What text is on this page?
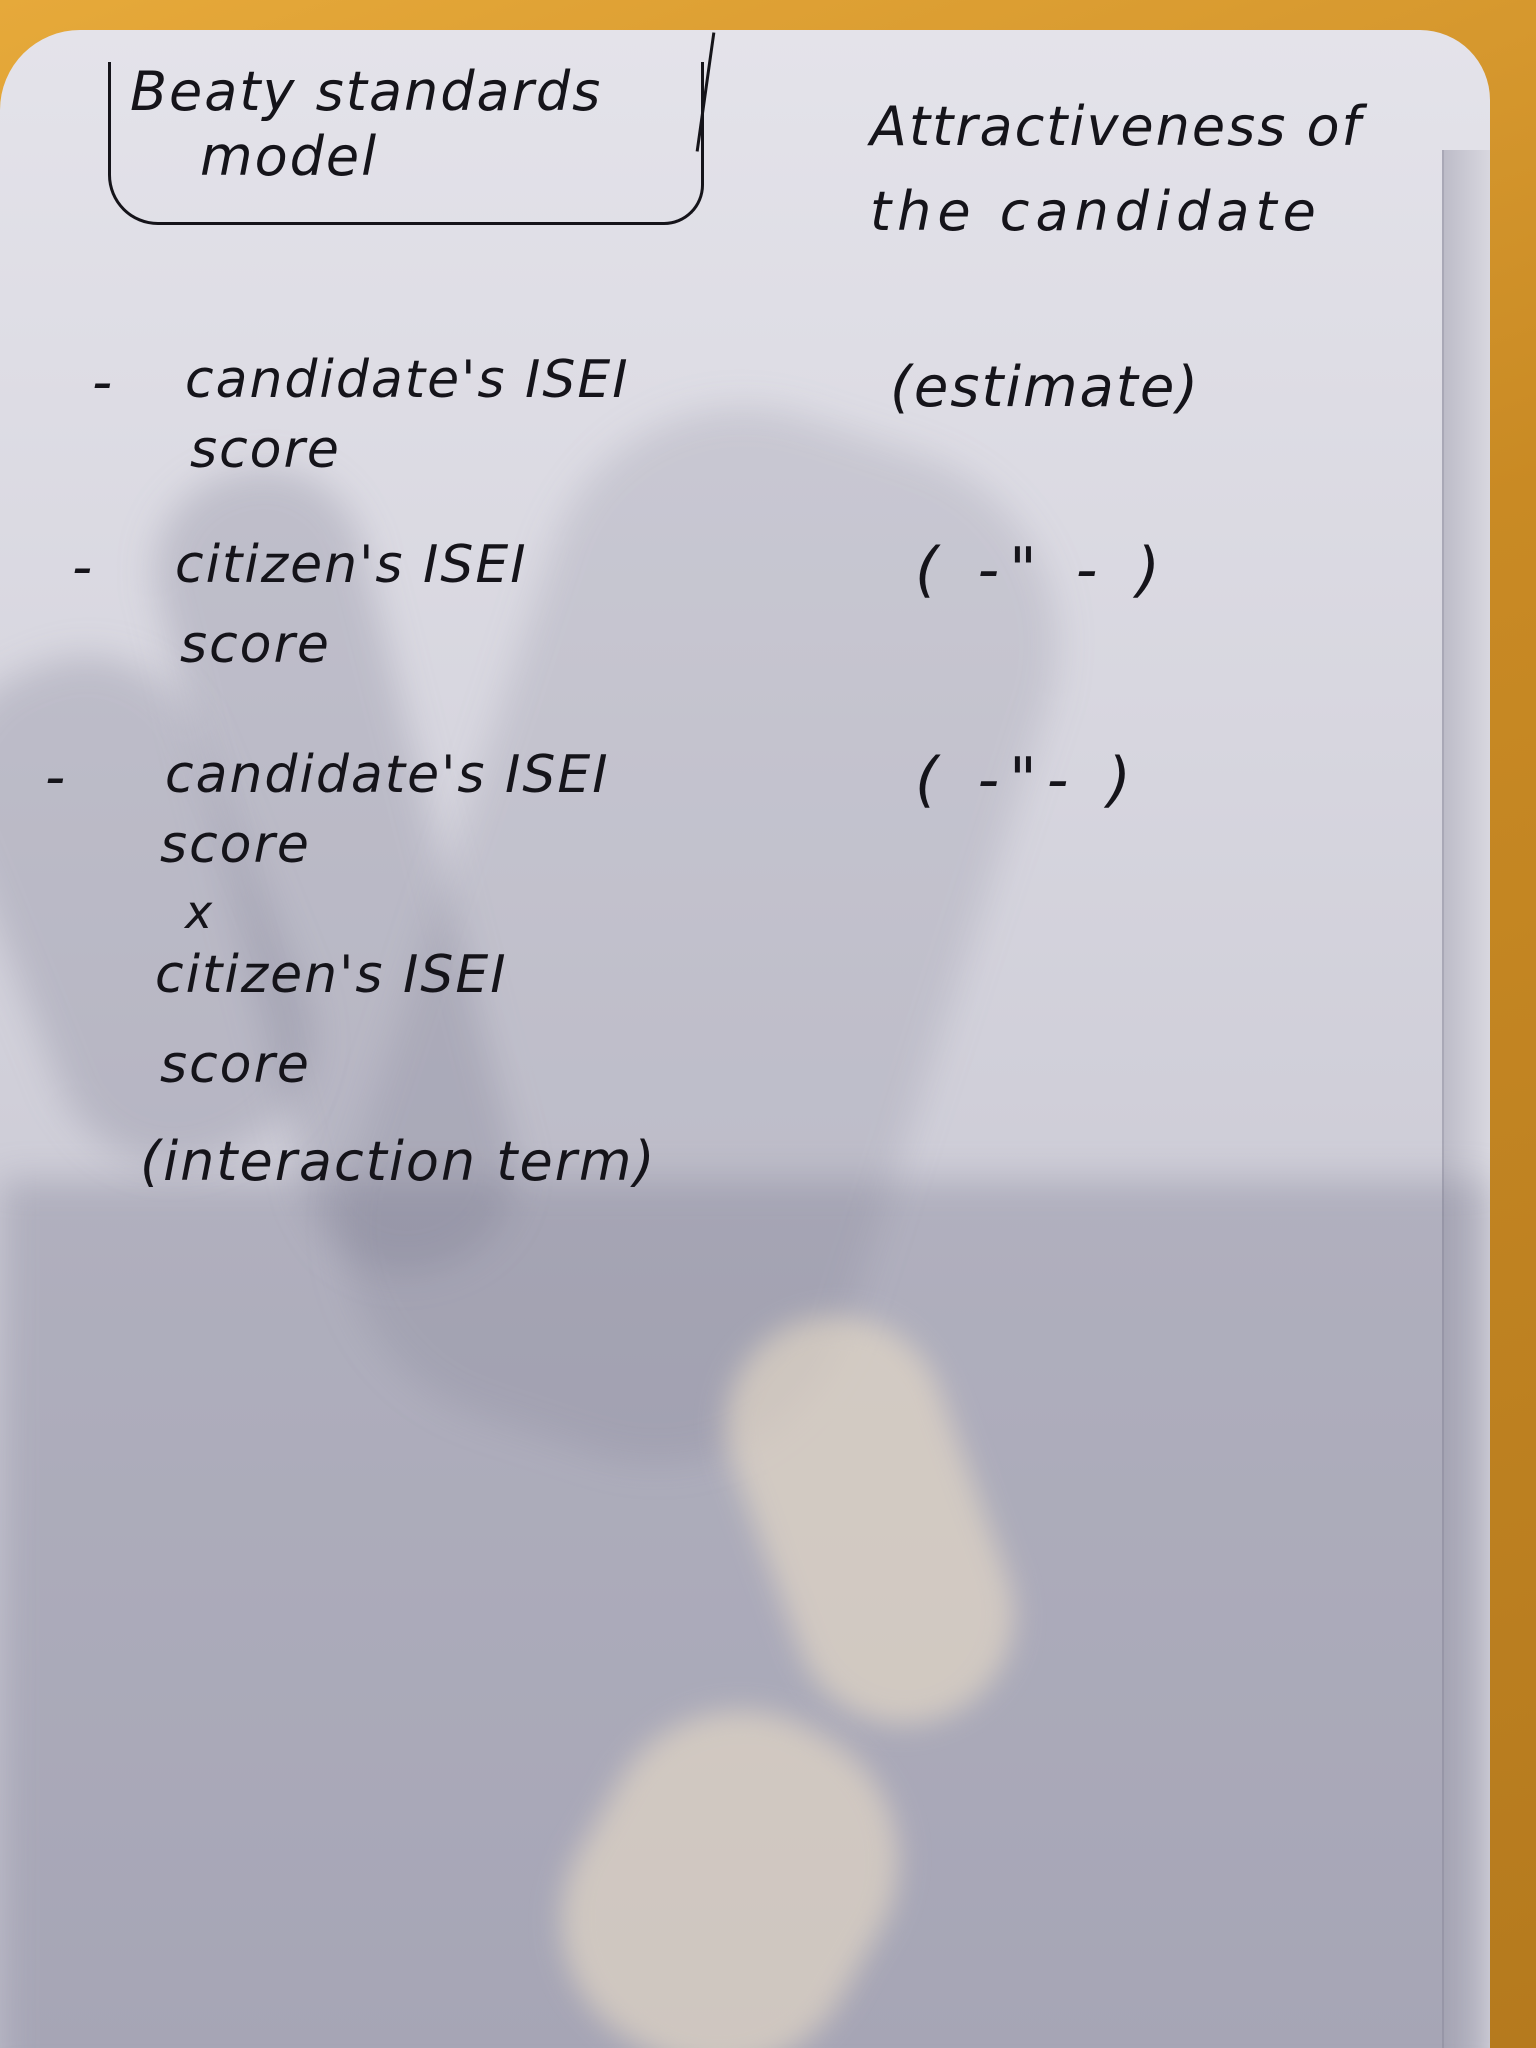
Beaty standards
model	Attractiveness of
the candidate
- candidate's ISEI
score
(estimate)
- citizen's ISEI
score
( -" - )
- candidate's ISEI
score
x
citizen's ISEI
score
(interaction term)
( -"- )
